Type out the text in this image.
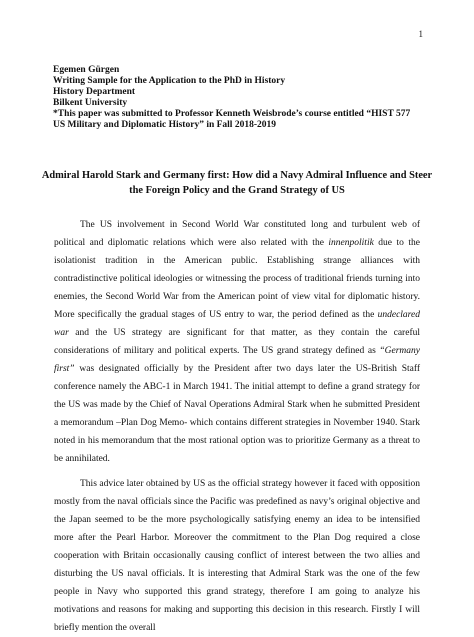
1
Egemen Gürgen
Writing Sample for the Application to the PhD in History
History Department
Bilkent University
*This paper was submitted to Professor Kenneth Weisbrode’s course entitled “HIST 577
US Military and Diplomatic History” in Fall 2018-2019
Admiral Harold Stark and Germany first: How did a Navy Admiral Influence and Steer the Foreign Policy and the Grand Strategy of US

The US involvement in Second World War constituted long and turbulent web of political and diplomatic relations which were also related with the innenpolitik due to the isolationist tradition in the American public. Establishing strange alliances with contradistinctive political ideologies or witnessing the process of traditional friends turning into enemies, the Second World War from the American point of view vital for diplomatic history. More specifically the gradual stages of US entry to war, the period defined as the undeclared war and the US strategy are significant for that matter, as they contain the careful considerations of military and political experts. The US grand strategy defined as “Germany first” was designated officially by the President after two days later the US-British Staff conference namely the ABC-1 in March 1941. The initial attempt to define a grand strategy for the US was made by the Chief of Naval Operations Admiral Stark when he submitted President a memorandum –Plan Dog Memo- which contains different strategies in November 1940. Stark noted in his memorandum that the most rational option was to prioritize Germany as a threat to be annihilated.

This advice later obtained by US as the official strategy however it faced with opposition mostly from the naval officials since the Pacific was predefined as navy’s original objective and the Japan seemed to be the more psychologically satisfying enemy an idea to be intensified more after the Pearl Harbor. Moreover the commitment to the Plan Dog required a close cooperation with Britain occasionally causing conflict of interest between the two allies and disturbing the US naval officials. It is interesting that Admiral Stark was the one of the few people in Navy who supported this grand strategy, therefore I am going to analyze his motivations and reasons for making and supporting this decision in this research. Firstly I will briefly mention the overall
